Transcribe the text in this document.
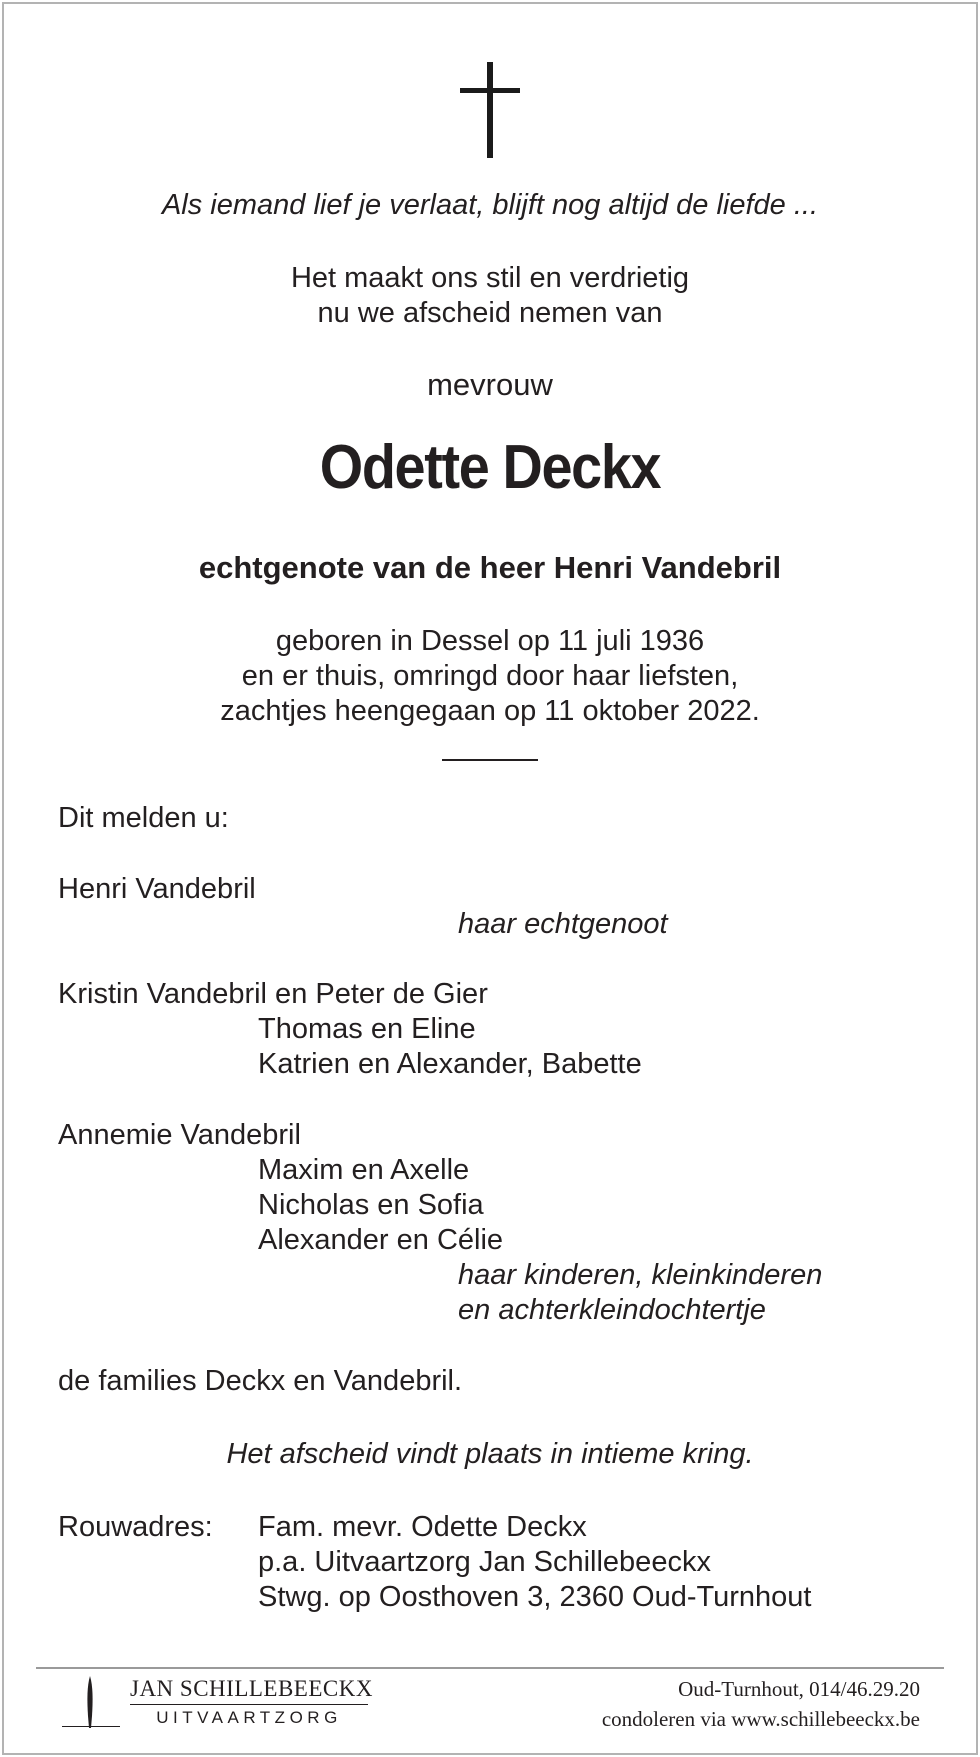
Als iemand lief je verlaat, blijft nog altijd de liefde ...
Het maakt ons stil en verdrietig
nu we afscheid nemen van
mevrouw
Odette Deckx
echtgenote van de heer Henri Vandebril
geboren in Dessel op 11 juli 1936
en er thuis, omringd door haar liefsten,
zachtjes heengegaan op 11 oktober 2022.
Dit melden u:
Henri Vandebril
haar echtgenoot
Kristin Vandebril en Peter de Gier
Thomas en Eline
Katrien en Alexander, Babette
Annemie Vandebril
Maxim en Axelle
Nicholas en Sofia
Alexander en Célie
haar kinderen, kleinkinderen
en achterkleindochtertje
de families Deckx en Vandebril.
Het afscheid vindt plaats in intieme kring.
Rouwadres: Fam. mevr. Odette Deckx
p.a. Uitvaartzorg Jan Schillebeeckx
Stwg. op Oosthoven 3, 2360 Oud-Turnhout
JAN SCHILLEBEECKX
UITVAARTZORG
Oud-Turnhout, 014/46.29.20
condoleren via www.schillebeeckx.be
